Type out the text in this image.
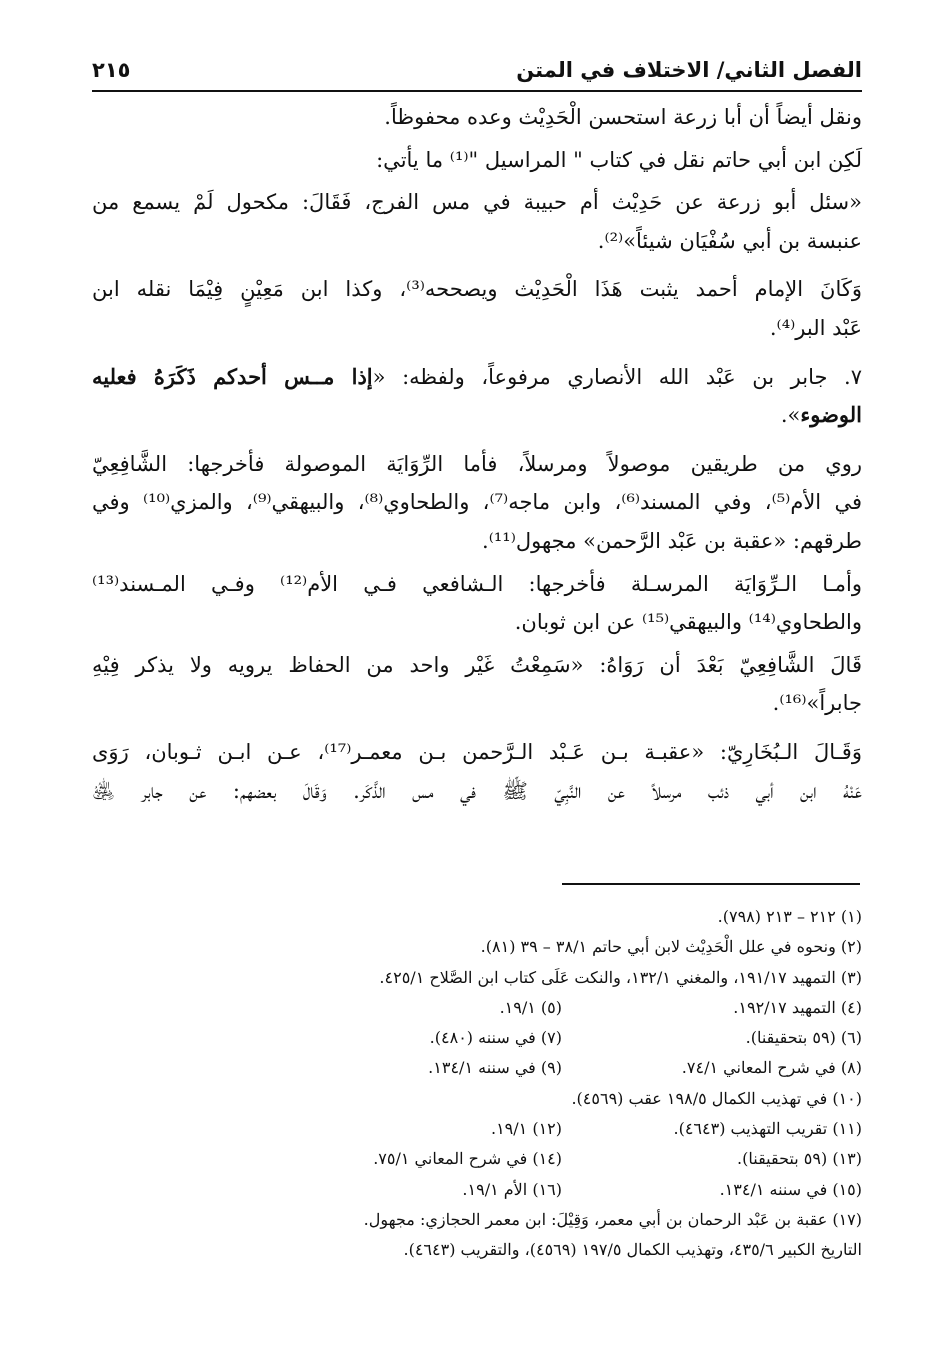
الفصل الثاني/ الاختلاف في المتن
٢١٥

ونقل أيضاً أن أبا زرعة استحسن الْحَدِيْث وعده محفوظاً.

لَكِن ابن أبي حاتم نقل في كتاب " المراسيل "⁽¹⁾ ما يأتي:

«سئل أبو زرعة عن حَدِيْث أم حبيبة في مس الفرج، فَقَالَ: مكحول لَمْ يسمع من
عنبسة بن أبي سُفْيَان شيئاً»⁽²⁾.

وَكَانَ الإمام أحمد يثبت هَذَا الْحَدِيْث ويصححه⁽³⁾، وكذا ابن مَعِيْنٍ فِيْمَا نقله ابن
عَبْد البر⁽⁴⁾.

٧. جابر بن عَبْد الله الأنصاري مرفوعاً، ولفظه: «إذا مــس أحدكم ذَكَرَهُ فعليه
الوضوء».

روي من طريقين موصولاً ومرسلاً، فأما الرِّوَايَة الموصولة فأخرجها: الشَّافِعِيّ
في الأم⁽⁵⁾، وفي المسند⁽⁶⁾، وابن ماجه⁽⁷⁾، والطحاوي⁽⁸⁾، والبيهقي⁽⁹⁾، والمزي⁽¹⁰⁾ وفي
طرقهم: «عقبة بن عَبْد الرَّحمن» مجهول⁽¹¹⁾.

وأمـا الـرِّوَايَة المرسـلة فأخرجها: الـشافعي فـي الأم⁽¹²⁾ وفـي المـسند⁽¹³⁾
والطحاوي⁽¹⁴⁾ والبيهقي⁽¹⁵⁾ عن ابن ثوبان.

قَالَ الشَّافِعِيّ بَعْدَ أن رَوَاهُ: «سَمِعْتُ غَيْر واحد من الحفاظ يرويه ولا يذكر فِيْهِ
جابراً»⁽¹⁶⁾.

وَقَـالَ الـبُخَارِيّ: «عقبـة بـن عَـبْد الـرَّحمن بـن معمـر⁽¹⁷⁾، عـن ابـن ثـوبان، رَوَى
عَنْهُ ابن أبي ذئب مرسلاً عن النَّبِيّ ﷺ في مس الذَّكَر. وَقَالَ بعضهم: عن جابر ﵁

(١) ٢١٢ – ٢١٣ (٧٩٨).
(٢) ونحوه في علل الْحَدِيْث لابن أبي حاتم ٣٨/١ – ٣٩ (٨١).
(٣) التمهيد ١٩١/١٧، والمغني ١٣٢/١، والنكت عَلَى كتاب ابن الصَّلاح ٤٢٥/١.
(٤) التمهيد ١٩٢/١٧.
(٥) ١٩/١.
(٦) (٥٩ بتحقيقنا).
(٧) في سننه (٤٨٠).
(٨) في شرح المعاني ٧٤/١.
(٩) في سننه ١٣٤/١.
(١٠) في تهذيب الكمال ١٩٨/٥ عقب (٤٥٦٩).
(١١) تقريب التهذيب (٤٦٤٣).
(١٢) ١٩/١.
(١٣) (٥٩ بتحقيقنا).
(١٤) في شرح المعاني ٧٥/١.
(١٥) في سننه ١٣٤/١.
(١٦) الأم ١٩/١.
(١٧) عقبة بن عَبْد الرحمان بن أبي معمر، وَقِيْلَ: ابن معمر الحجازي: مجهول.
التاريخ الكبير ٤٣٥/٦، وتهذيب الكمال ١٩٧/٥ (٤٥٦٩)، والتقريب (٤٦٤٣).
